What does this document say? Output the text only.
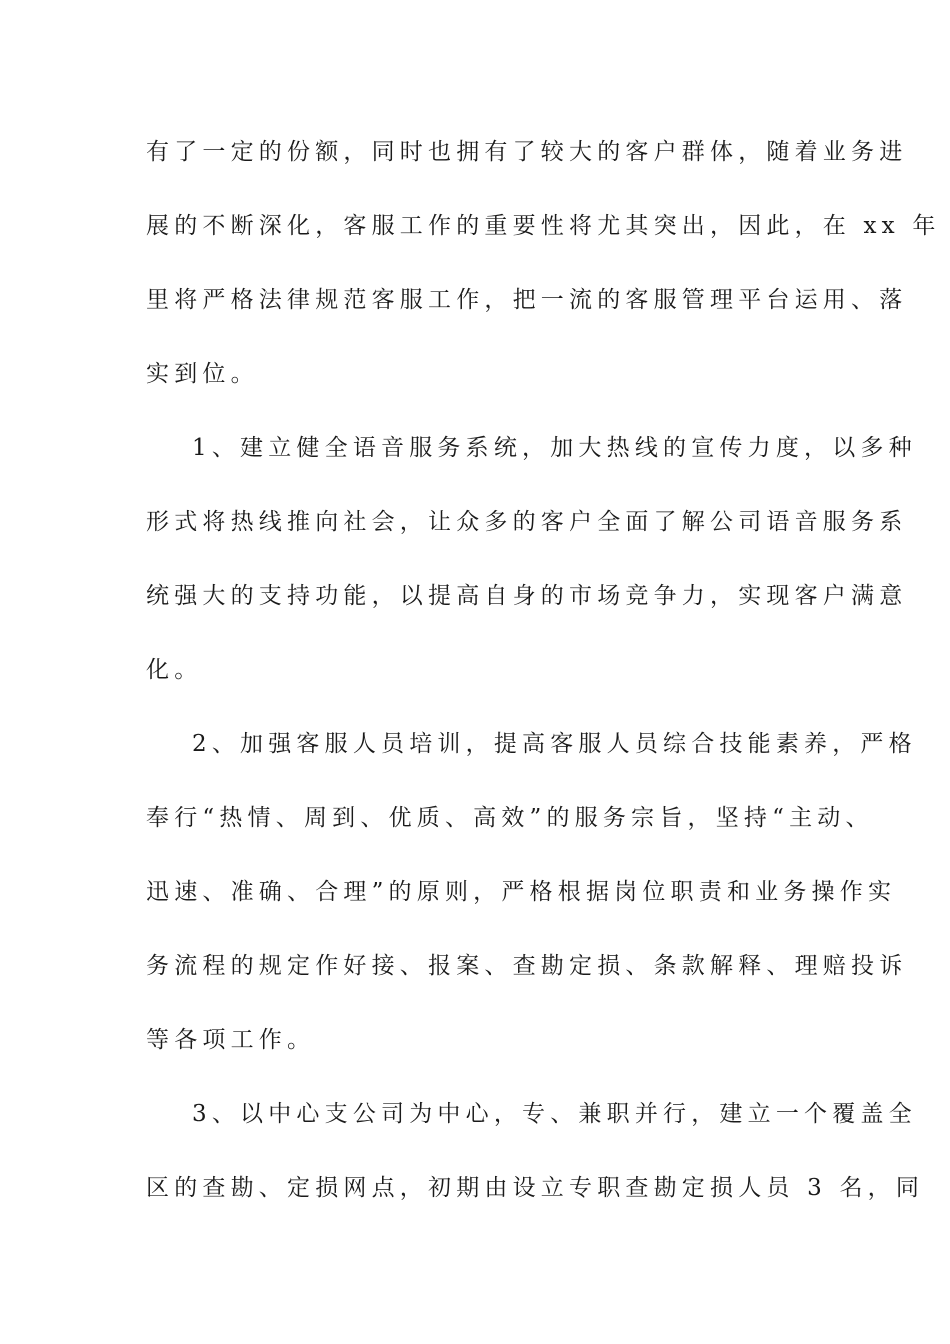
有了一定的份额，同时也拥有了较大的客户群体，随着业务进
展的不断深化，客服工作的重要性将尤其突出，因此，在 xx 年
里将严格法律规范客服工作，把一流的客服管理平台运用、落
实到位。
1、建立健全语音服务系统，加大热线的宣传力度，以多种
形式将热线推向社会，让众多的客户全面了解公司语音服务系
统强大的支持功能，以提高自身的市场竞争力，实现客户满意
化。
2、加强客服人员培训，提高客服人员综合技能素养，严格
奉行“热情、周到、优质、高效”的服务宗旨，坚持“主动、
迅速、准确、合理”的原则，严格根据岗位职责和业务操作实
务流程的规定作好接、报案、查勘定损、条款解释、理赔投诉
等各项工作。
3、以中心支公司为中心，专、兼职并行，建立一个覆盖全
区的查勘、定损网点，初期由设立专职查勘定损人员 3 名，同
